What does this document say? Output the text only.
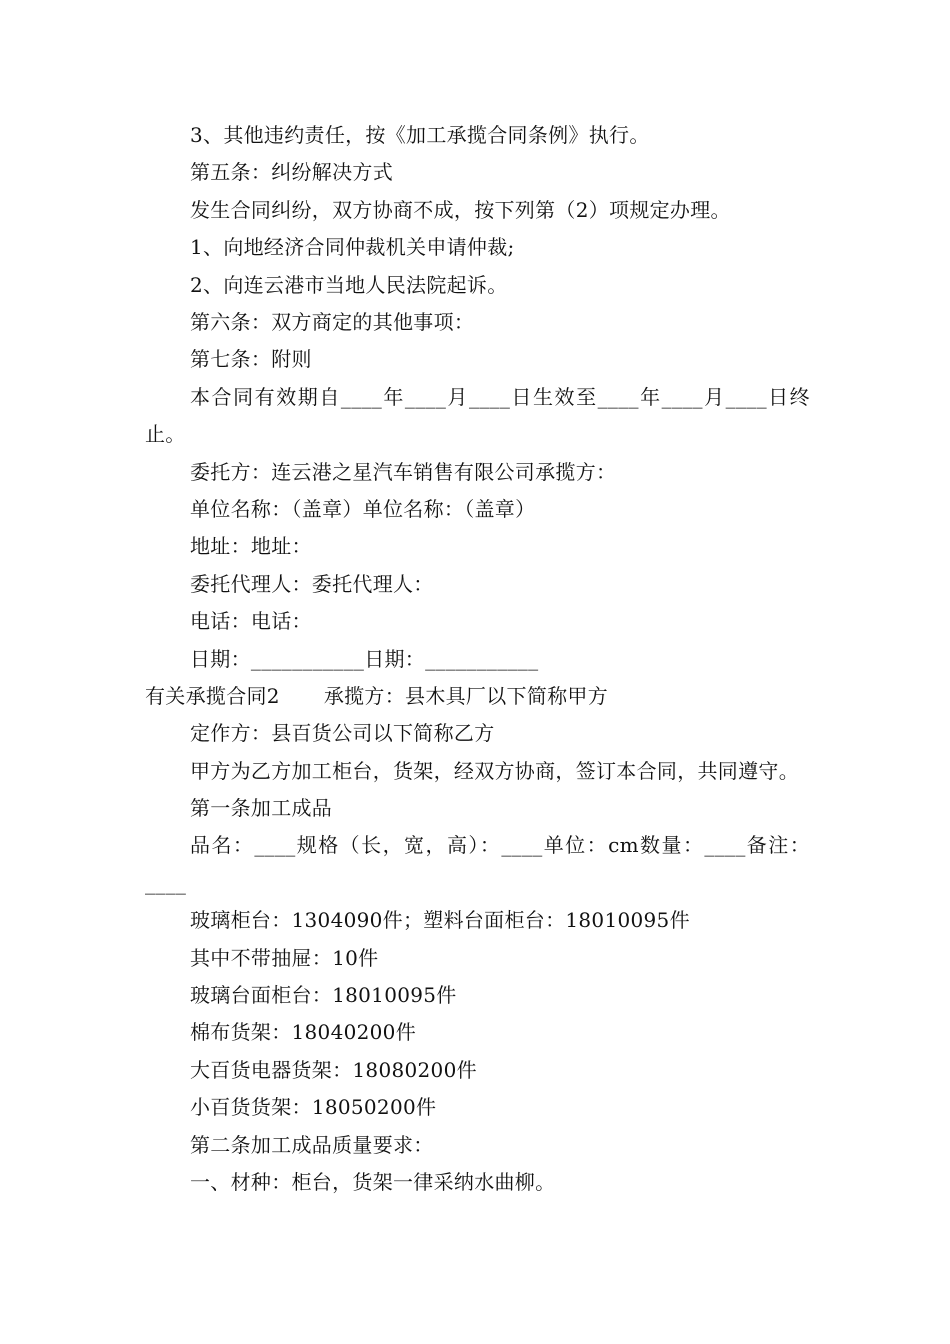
3、其他违约责任，按《加工承揽合同条例》执行。
第五条：纠纷解决方式
发生合同纠纷，双方协商不成，按下列第（2）项规定办理。
1、向地经济合同仲裁机关申请仲裁;
2、向连云港市当地人民法院起诉。
第六条：双方商定的其他事项：
第七条：附则
本合同有效期自____年____月____日生效至____年____月____日终止。
委托方：连云港之星汽车销售有限公司承揽方：
单位名称：（盖章）单位名称：（盖章）
地址：地址：
委托代理人：委托代理人：
电话：电话：
日期：___________日期：___________
有关承揽合同2 承揽方：县木具厂以下简称甲方
定作方：县百货公司以下简称乙方
甲方为乙方加工柜台，货架，经双方协商，签订本合同，共同遵守。
第一条加工成品
品名：____规格（长，宽，高）：____单位：cm数量：____备注：____
玻璃柜台：1304090件；塑料台面柜台：18010095件
其中不带抽屉：10件
玻璃台面柜台：18010095件
棉布货架：18040200件
大百货电器货架：18080200件
小百货货架：18050200件
第二条加工成品质量要求：
一、材种：柜台，货架一律采纳水曲柳。
